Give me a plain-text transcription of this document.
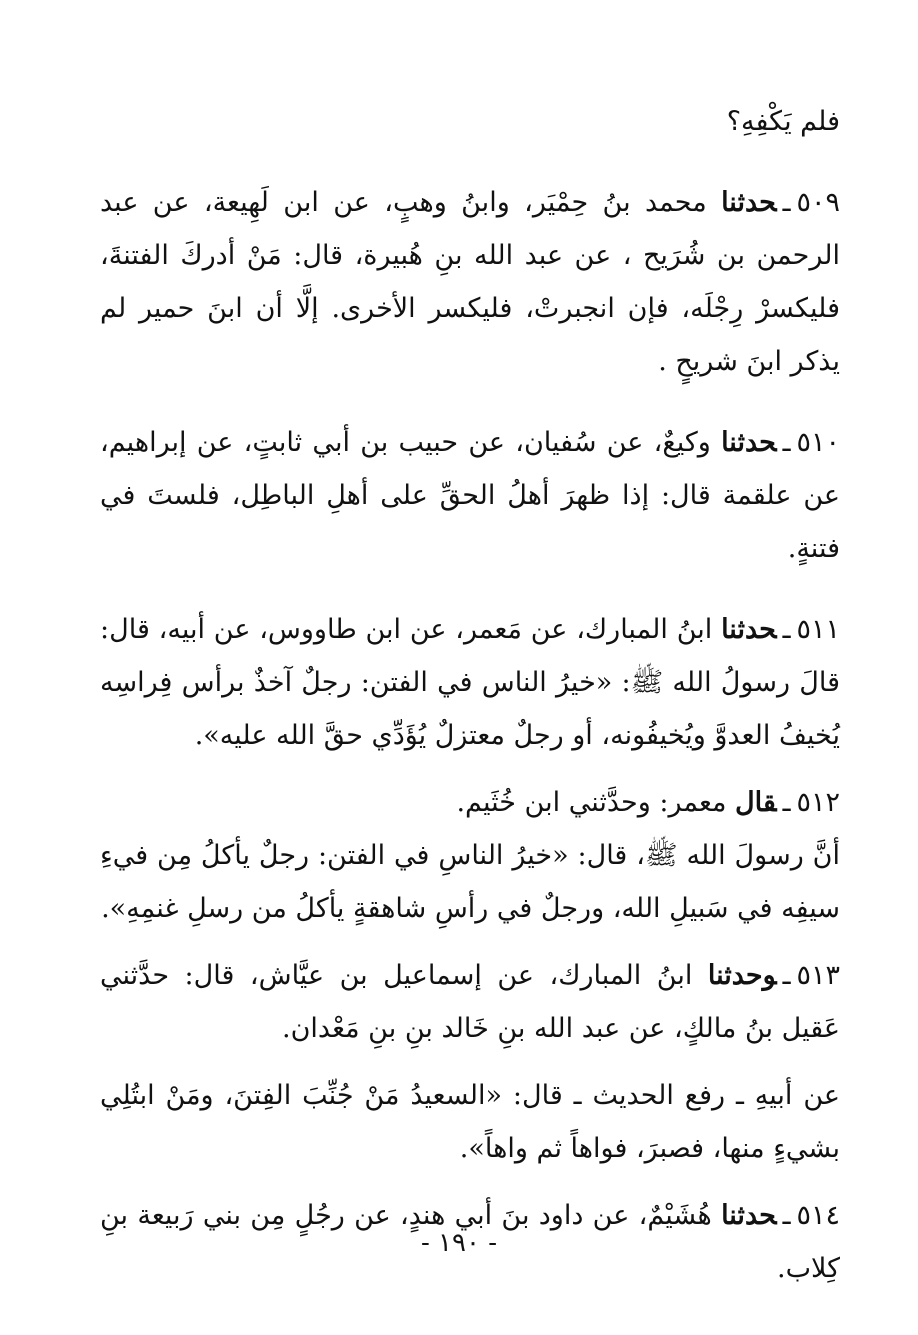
فلم يَكْفِهِ؟

٥٠٩ـحدثنا محمد بنُ حِمْيَر، وابنُ وهبٍ، عن ابن لَهِيعة، عن عبد الرحمن بن شُرَيح ، عن عبد الله بنِ هُبيرة، قال: مَنْ أدركَ الفتنةَ، فليكسرْ رِجْلَه، فإن انجبرتْ، فليكسر الأخرى. إلَّا أن ابنَ حمير لم يذكر ابنَ شريحٍ .

٥١٠ـحدثنا وكيعٌ، عن سُفيان، عن حبيب بن أبي ثابتٍ، عن إبراهيم، عن علقمة قال: إذا ظهرَ أهلُ الحقِّ على أهلِ الباطِل، فلستَ في فتنةٍ.

٥١١ـحدثنا ابنُ المبارك، عن مَعمر، عن ابن طاووس، عن أبيه، قال: قالَ رسولُ الله ﷺ: «خيرُ الناس في الفتن: رجلٌ آخذٌ برأس فِراسِه يُخيفُ العدوَّ ويُخيفُونه، أو رجلٌ معتزلٌ يُؤَدِّي حقَّ الله عليه».

٥١٢ـقال معمر: وحدَّثني ابن خُثَيم.

أنَّ رسولَ الله ﷺ، قال: «خيرُ الناسِ في الفتن: رجلٌ يأكلُ مِن فيءِ سيفِه في سَبيلِ الله، ورجلٌ في رأسِ شاهقةٍ يأكلُ من رسلِ غنمِهِ».

٥١٣ـوحدثنا ابنُ المبارك، عن إسماعيل بن عيَّاش، قال: حدَّثني عَقيل بنُ مالكٍ، عن عبد الله بنِ خَالد بنِ بنِ مَعْدان.

عن أبيهِ ـ رفع الحديث ـ قال: «السعيدُ مَنْ جُنِّبَ الفِتنَ، ومَنْ ابتُلِي بشيءٍ منها، فصبرَ، فواهاً ثم واهاً».

٥١٤ـحدثنا هُشَيْمٌ، عن داود بنَ أبي هندٍ، عن رجُلٍ مِن بني رَبيعة بنِ كِلاب.

- ١٩٠ -
